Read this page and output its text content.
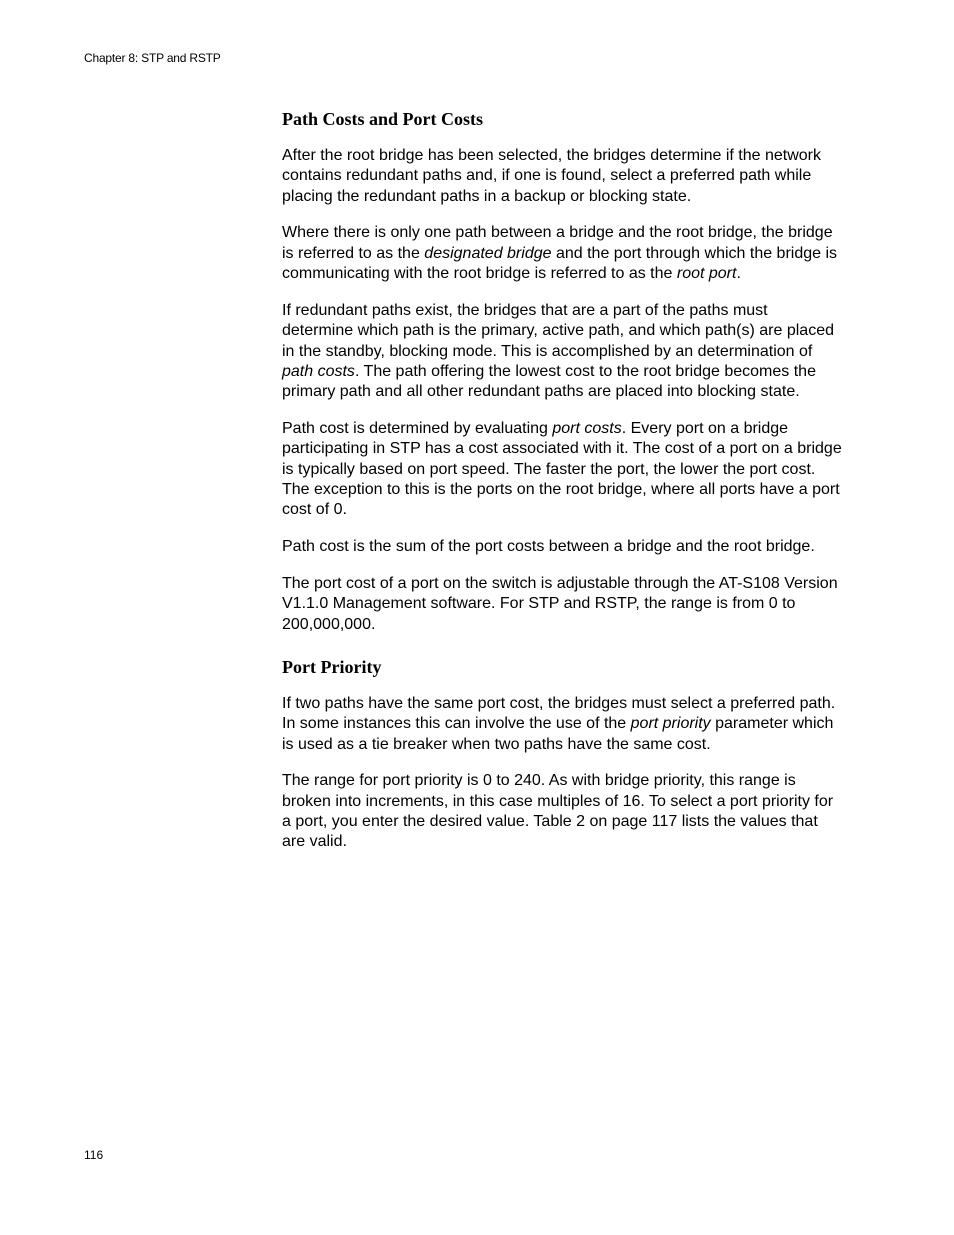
Chapter 8: STP and RSTP
Path Costs and Port Costs

After the root bridge has been selected, the bridges determine if the network contains redundant paths and, if one is found, select a preferred path while placing the redundant paths in a backup or blocking state.

Where there is only one path between a bridge and the root bridge, the bridge is referred to as the designated bridge and the port through which the bridge is communicating with the root bridge is referred to as the root port.

If redundant paths exist, the bridges that are a part of the paths must determine which path is the primary, active path, and which path(s) are placed in the standby, blocking mode. This is accomplished by an determination of path costs. The path offering the lowest cost to the root bridge becomes the primary path and all other redundant paths are placed into blocking state.

Path cost is determined by evaluating port costs. Every port on a bridge participating in STP has a cost associated with it. The cost of a port on a bridge is typically based on port speed. The faster the port, the lower the port cost. The exception to this is the ports on the root bridge, where all ports have a port cost of 0.

Path cost is the sum of the port costs between a bridge and the root bridge.

The port cost of a port on the switch is adjustable through the AT-S108 Version V1.1.0 Management software. For STP and RSTP, the range is from 0 to 200,000,000.

Port Priority

If two paths have the same port cost, the bridges must select a preferred path. In some instances this can involve the use of the port priority parameter which is used as a tie breaker when two paths have the same cost.

The range for port priority is 0 to 240. As with bridge priority, this range is broken into increments, in this case multiples of 16. To select a port priority for a port, you enter the desired value. Table 2 on page 117 lists the values that are valid.

116
